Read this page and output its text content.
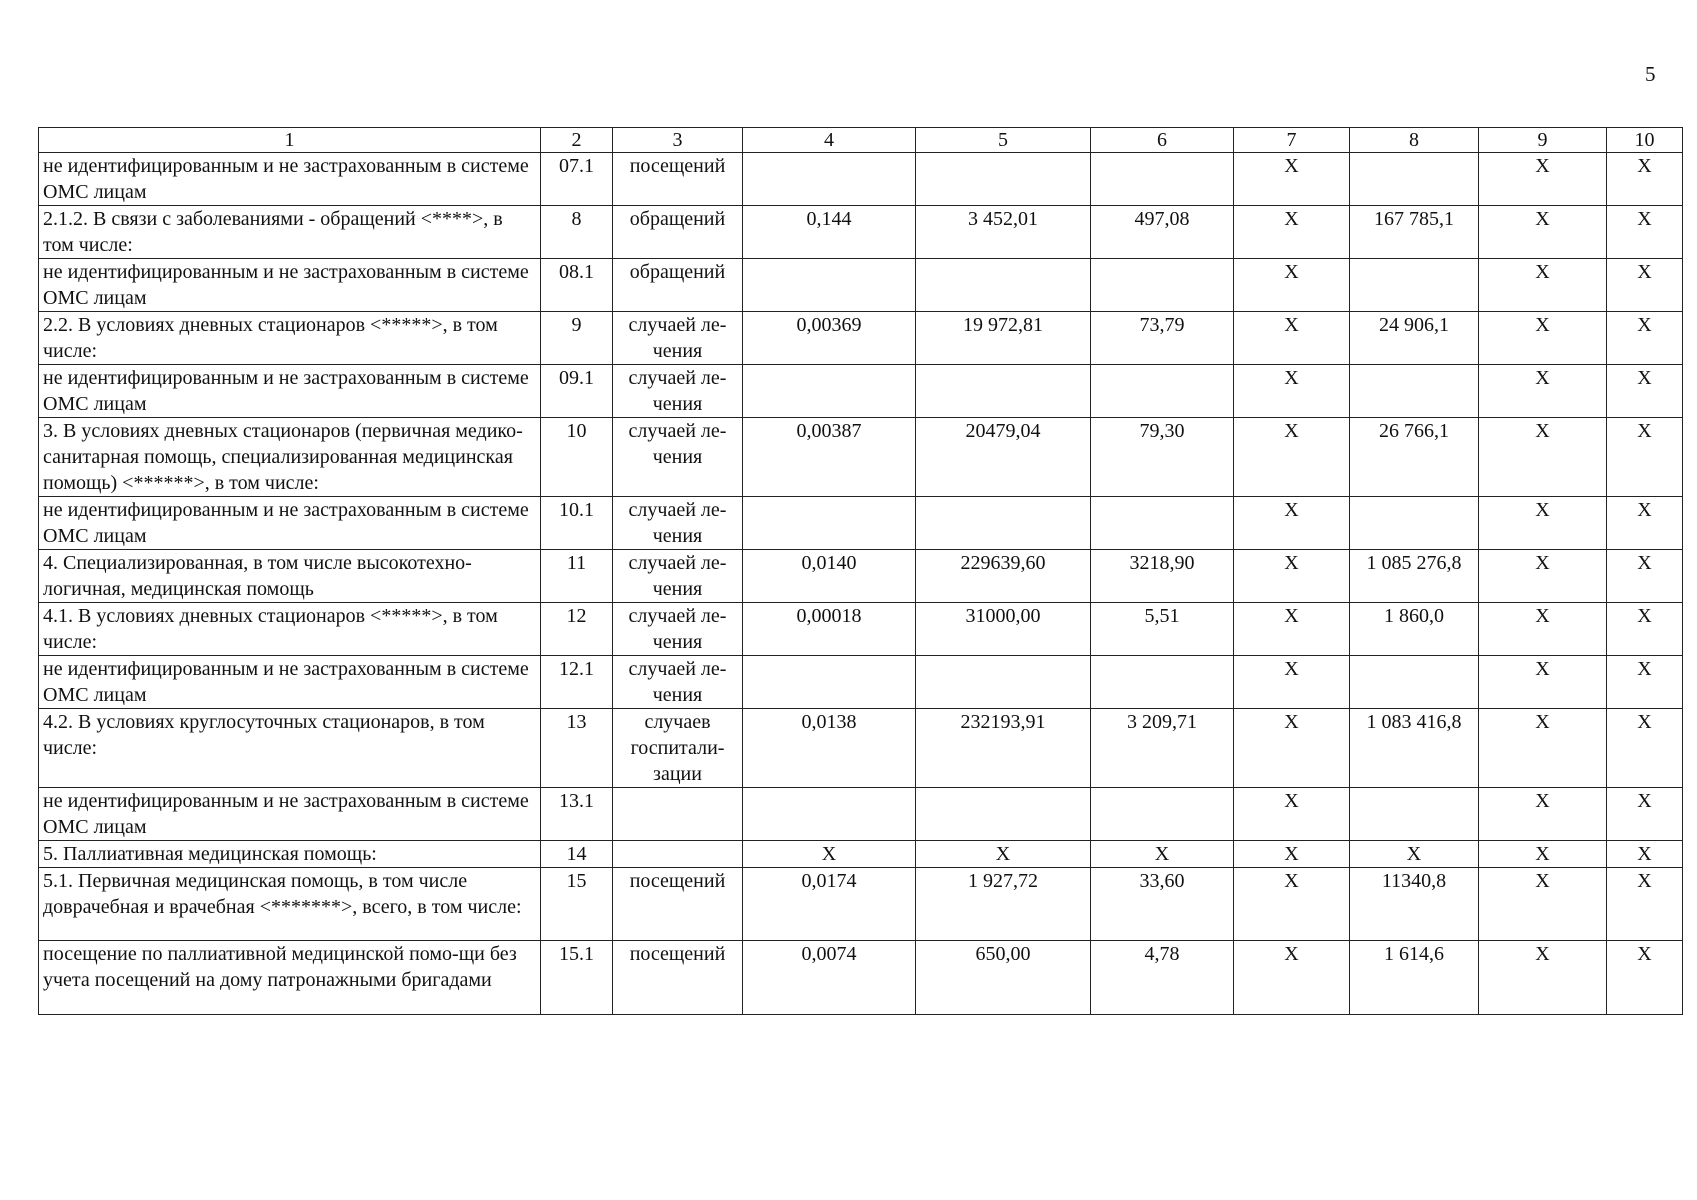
5
1	2	3	4	5	6	7	8	9	10
не идентифицированным и не застрахованным в системе ОМС лицам	07.1	посещений				X		X	X
2.1.2. В связи с заболеваниями - обращений <****>, в том числе:	8	обращений	0,144	3 452,01	497,08	X	167 785,1	X	X
не идентифицированным и не застрахованным в системе ОМС лицам	08.1	обращений				X		X	X
2.2. В условиях дневных стационаров <*****>, в том числе:	9	случаей ле-чения	0,00369	19 972,81	73,79	X	24 906,1	X	X
не идентифицированным и не застрахованным в системе ОМС лицам	09.1	случаей ле-чения				X		X	X
3. В условиях дневных стационаров (первичная медико-санитарная помощь, специализированная медицинская помощь) <******>, в том числе:	10	случаей ле-чения	0,00387	20479,04	79,30	X	26 766,1	X	X
не идентифицированным и не застрахованным в системе ОМС лицам	10.1	случаей ле-чения				X		X	X
4. Специализированная, в том числе высокотехно-логичная, медицинская помощь	11	случаей ле-чения	0,0140	229639,60	3218,90	X	1 085 276,8	X	X
4.1. В условиях дневных стационаров <*****>, в том числе:	12	случаей ле-чения	0,00018	31000,00	5,51	X	1 860,0	X	X
не идентифицированным и не застрахованным в системе ОМС лицам	12.1	случаей ле-чения				X		X	X
4.2. В условиях круглосуточных стационаров, в том числе:	13	случаев госпитали-зации	0,0138	232193,91	3 209,71	X	1 083 416,8	X	X
не идентифицированным и не застрахованным в системе ОМС лицам	13.1					X		X	X
5. Паллиативная медицинская помощь:	14		X	X	X	X	X	X	X
5.1. Первичная медицинская помощь, в том числе доврачебная и врачебная <*******>, всего, в том числе:	15	посещений	0,0174	1 927,72	33,60	X	11340,8	X	X
посещение по паллиативной медицинской помо-щи без учета посещений на дому патронажными бригадами	15.1	посещений	0,0074	650,00	4,78	X	1 614,6	X	X
